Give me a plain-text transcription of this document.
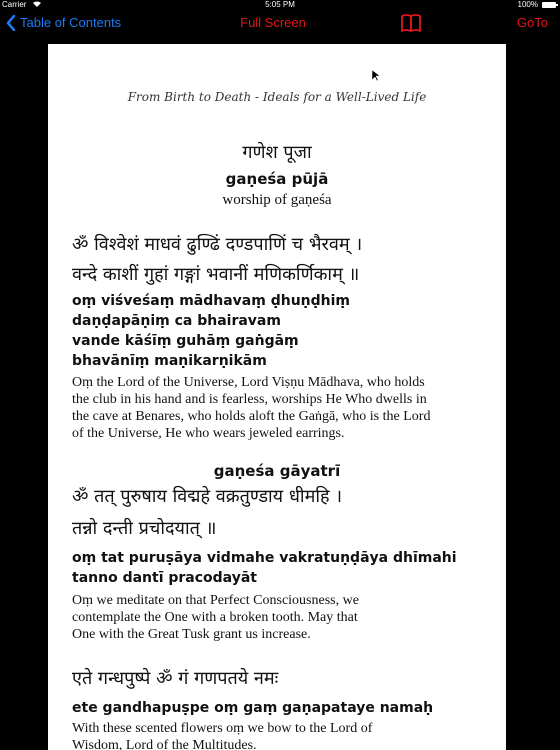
Carrier	5:05 PM	100%
Table of Contents	Full Screen	GoTo
From Birth to Death - Ideals for a Well-Lived Life
गणेश पूजा
gaṇeśa pūjā
worship of gaṇeśa
ॐ विश्वेशं माधवं ढुण्ढिं दण्डपाणिं च भैरवम् ।
वन्दे काशीं गुहां गङ्गां भवानीं मणिकर्णिकाम् ॥
oṃ viśveśaṃ mādhavaṃ ḍhuṇḍhiṃ
daṇḍapāṇiṃ ca bhairavam
vande kāśīṃ guhāṃ gaṅgāṃ
bhavānīṃ maṇikarṇikām
Oṃ the Lord of the Universe, Lord Viṣṇu Mādhava, who holds
the club in his hand and is fearless, worships He Who dwells in
the cave at Benares, who holds aloft the Gaṅgā, who is the Lord
of the Universe, He who wears jeweled earrings.
gaṇeśa gāyatrī
ॐ तत् पुरुषाय विद्महे वक्रतुण्डाय धीमहि ।
तन्नो दन्ती प्रचोदयात् ॥
oṃ tat puruṣāya vidmahe vakratuṇḍāya dhīmahi
tanno dantī pracodayāt
Oṃ we meditate on that Perfect Consciousness, we
contemplate the One with a broken tooth. May that
One with the Great Tusk grant us increase.
एते गन्धपुष्पे ॐ गं गणपतये नमः
ete gandhapuṣpe oṃ gaṃ gaṇapataye namaḥ
With these scented flowers oṃ we bow to the Lord of
Wisdom, Lord of the Multitudes.
